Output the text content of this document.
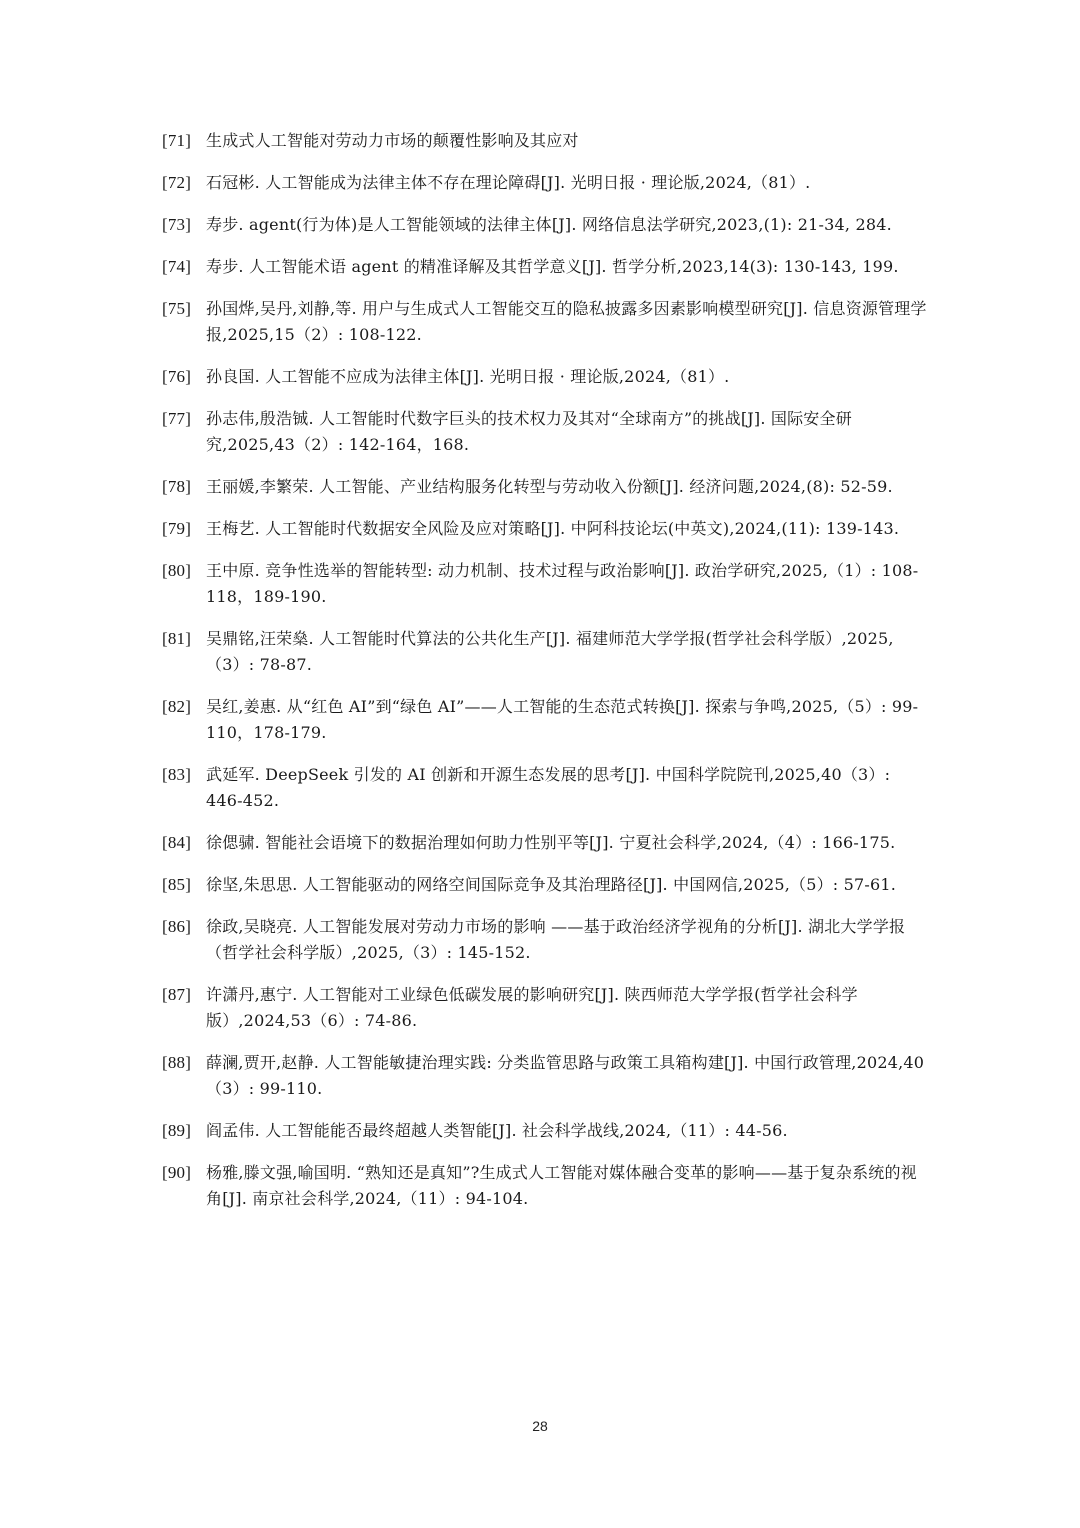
[71] 生成式人工智能对劳动力市场的颠覆性影响及其应对
[72] 石冠彬. 人工智能成为法律主体不存在理论障碍[J]. 光明日报 · 理论版,2024,（81）.
[73] 寿步. agent(行为体)是人工智能领域的法律主体[J]. 网络信息法学研究,2023,(1): 21-34, 284.
[74] 寿步. 人工智能术语 agent 的精准译解及其哲学意义[J]. 哲学分析,2023,14(3): 130-143, 199.
[75] 孙国烨,吴丹,刘静,等. 用户与生成式人工智能交互的隐私披露多因素影响模型研究[J]. 信息资源管理学报,2025,15（2）: 108-122.
[76] 孙良国. 人工智能不应成为法律主体[J]. 光明日报 · 理论版,2024,（81）.
[77] 孙志伟,殷浩铖. 人工智能时代数字巨头的技术权力及其对“全球南方”的挑战[J]. 国际安全研究,2025,43（2）: 142-164，168.
[78] 王丽媛,李繁荣. 人工智能、产业结构服务化转型与劳动收入份额[J]. 经济问题,2024,(8): 52-59.
[79] 王梅艺. 人工智能时代数据安全风险及应对策略[J]. 中阿科技论坛(中英文),2024,(11): 139-143.
[80] 王中原. 竞争性选举的智能转型: 动力机制、技术过程与政治影响[J]. 政治学研究,2025,（1）: 108-118，189-190.
[81] 吴鼎铭,汪荣燊. 人工智能时代算法的公共化生产[J]. 福建师范大学学报(哲学社会科学版）,2025,（3）: 78-87.
[82] 吴红,姜惠. 从“红色 AI”到“绿色 AI”——人工智能的生态范式转换[J]. 探索与争鸣,2025,（5）: 99-110，178-179.
[83] 武延军. DeepSeek 引发的 AI 创新和开源生态发展的思考[J]. 中国科学院院刊,2025,40（3）: 446-452.
[84] 徐偲骕. 智能社会语境下的数据治理如何助力性别平等[J]. 宁夏社会科学,2024,（4）: 166-175.
[85] 徐坚,朱思思. 人工智能驱动的网络空间国际竞争及其治理路径[J]. 中国网信,2025,（5）: 57-61.
[86] 徐政,吴晓亮. 人工智能发展对劳动力市场的影响 ——基于政治经济学视角的分析[J]. 湖北大学学报（哲学社会科学版）,2025,（3）: 145-152.
[87] 许潇丹,惠宁. 人工智能对工业绿色低碳发展的影响研究[J]. 陕西师范大学学报(哲学社会科学版）,2024,53（6）: 74-86.
[88] 薛澜,贾开,赵静. 人工智能敏捷治理实践: 分类监管思路与政策工具箱构建[J]. 中国行政管理,2024,40（3）: 99-110.
[89] 阎孟伟. 人工智能能否最终超越人类智能[J]. 社会科学战线,2024,（11）: 44-56.
[90] 杨雅,滕文强,喻国明. “熟知还是真知”?生成式人工智能对媒体融合变革的影响——基于复杂系统的视角[J]. 南京社会科学,2024,（11）: 94-104.
28
